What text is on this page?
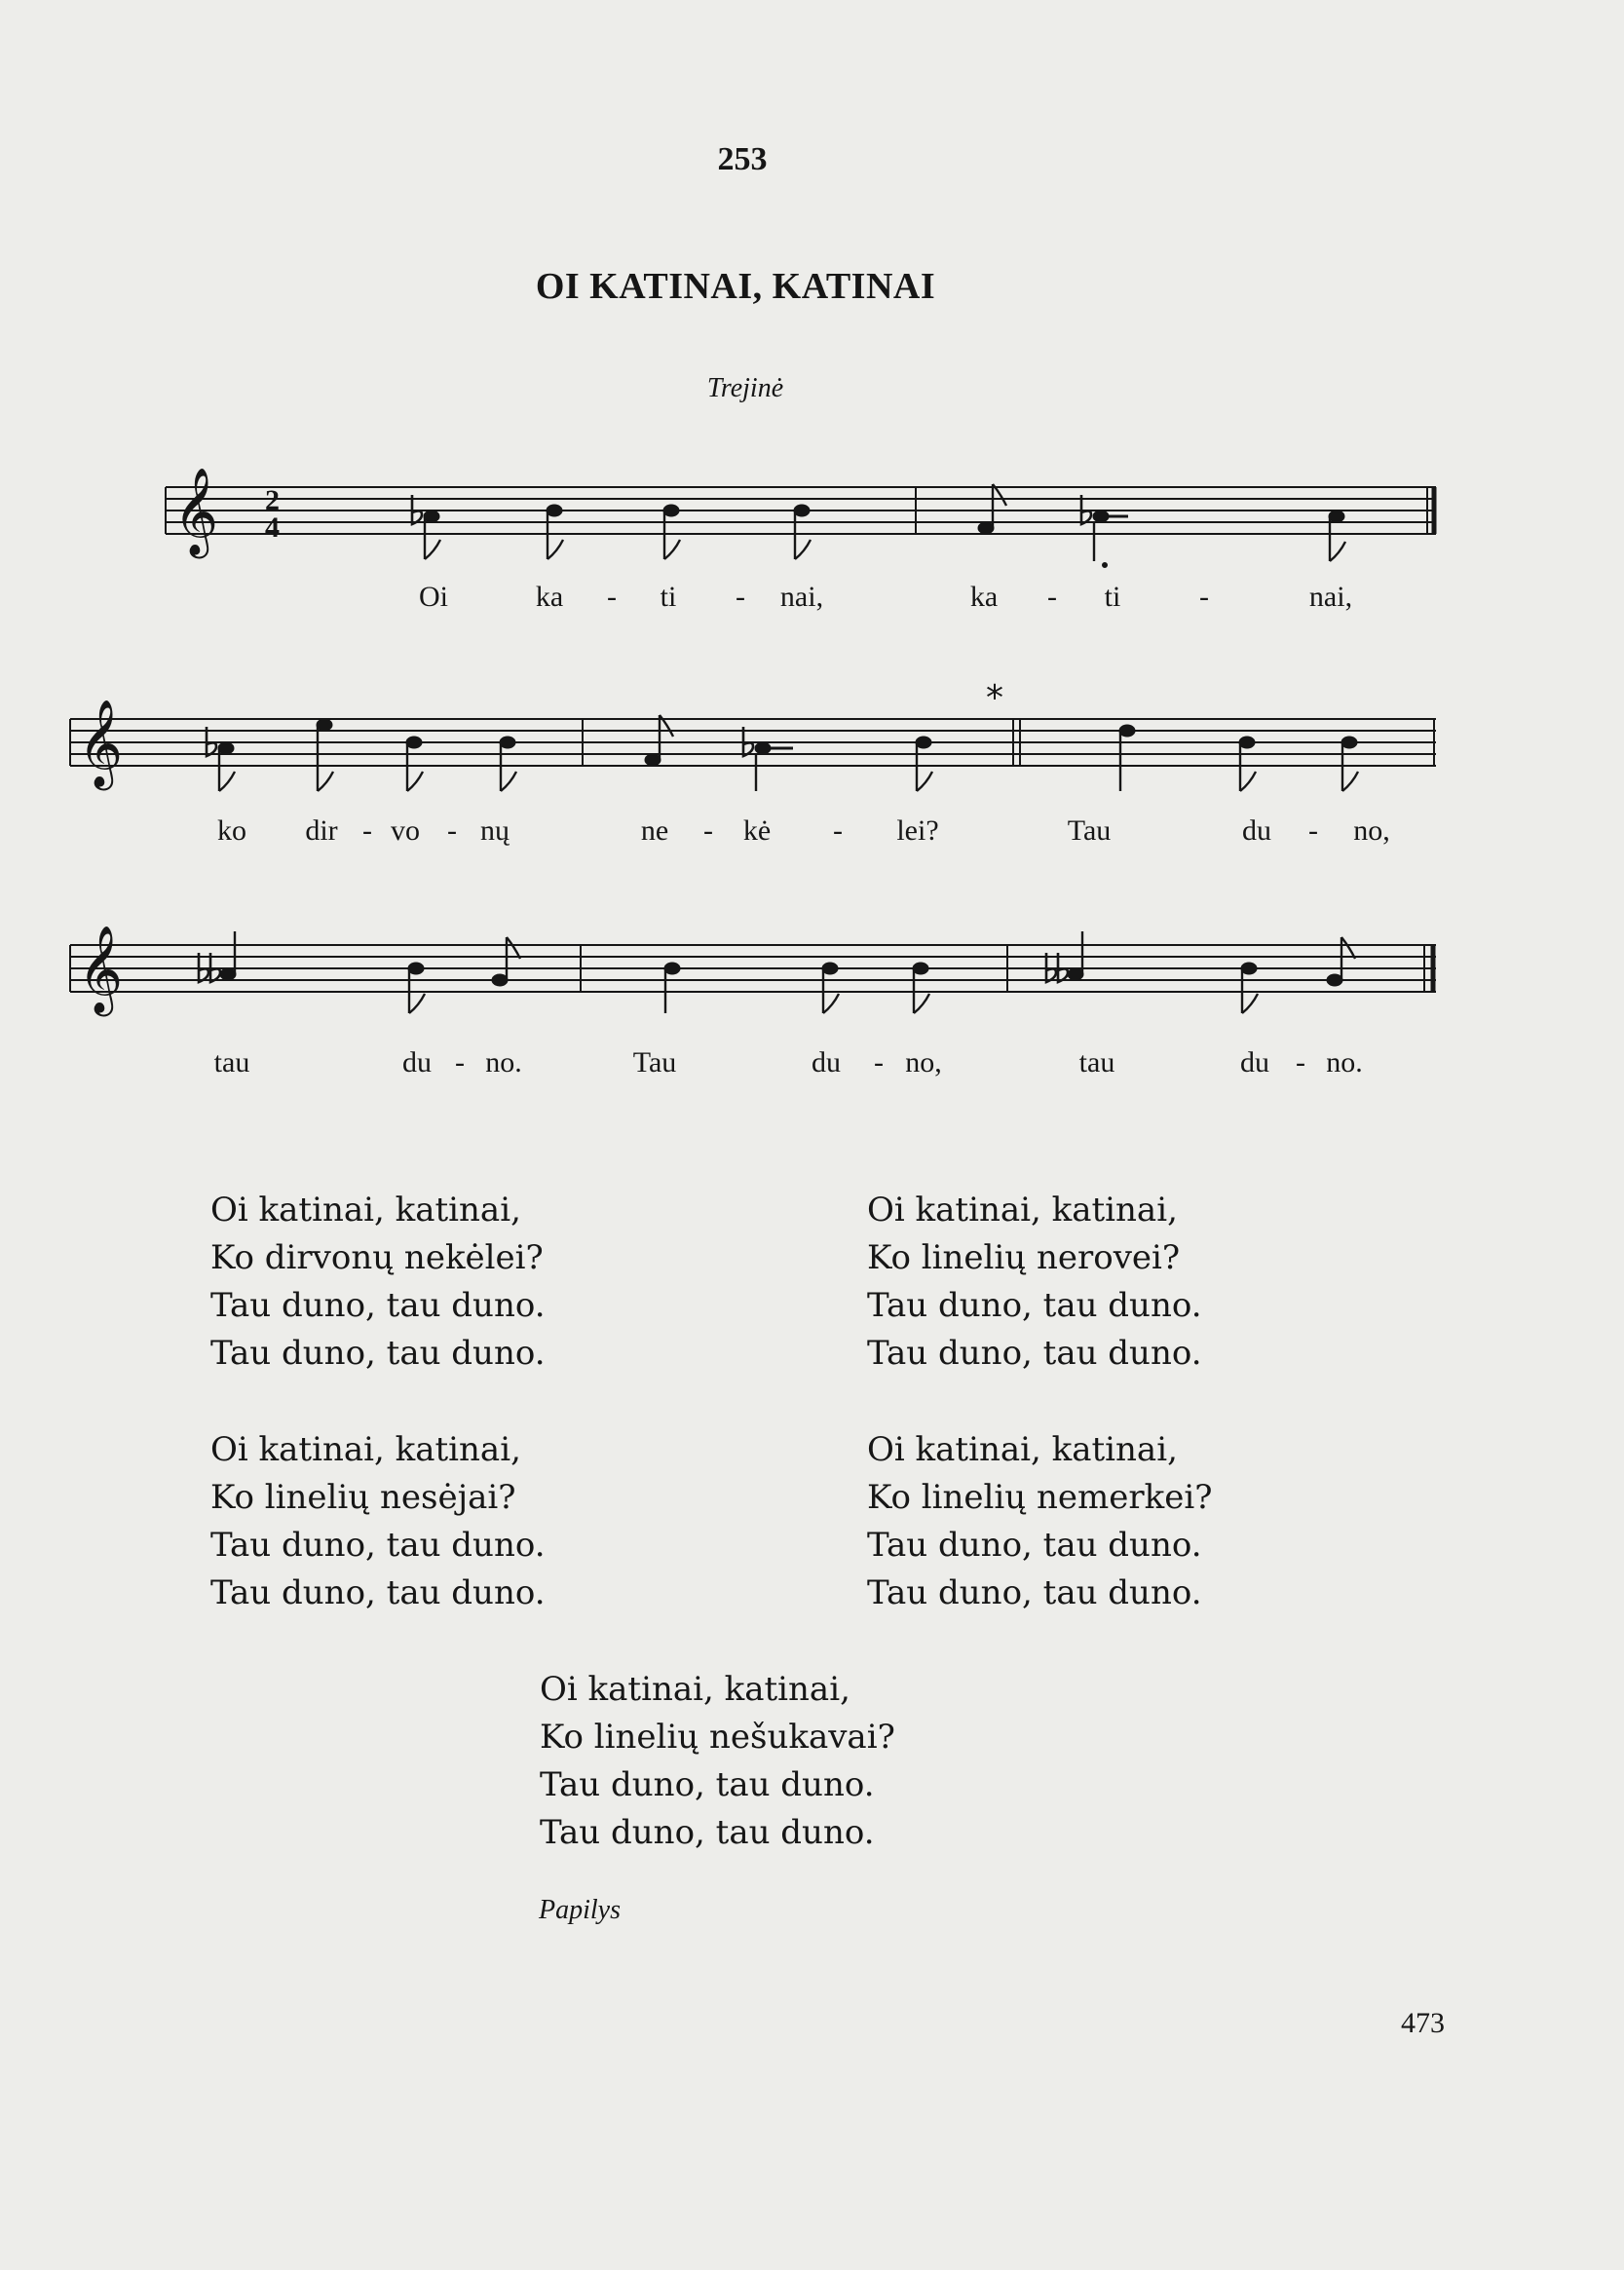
253
OI KATINAI, KATINAI
Trejinė
𝄞 2
4
𝄞
*
𝄞
Oi	ka - ti - nai,	ka - ti	-	nai,
ko dir - vo - nų	ne - kė - lei?	Tau	du - no,
tau	du - no.	Tau	du - no,	tau	du - no.
Oi katinai, katinai,
Ko dirvonų nekėlei?
Tau duno, tau duno.
Tau duno, tau duno.
Oi katinai, katinai,
Ko linelių nerovei?
Tau duno, tau duno.
Tau duno, tau duno.
Oi katinai, katinai,
Ko linelių nesėjai?
Tau duno, tau duno.
Tau duno, tau duno.
Oi katinai, katinai,
Ko linelių nemerkei?
Tau duno, tau duno.
Tau duno, tau duno.
Oi katinai, katinai,
Ko linelių nešukavai?
Tau duno, tau duno.
Tau duno, tau duno.
Papilys
473
